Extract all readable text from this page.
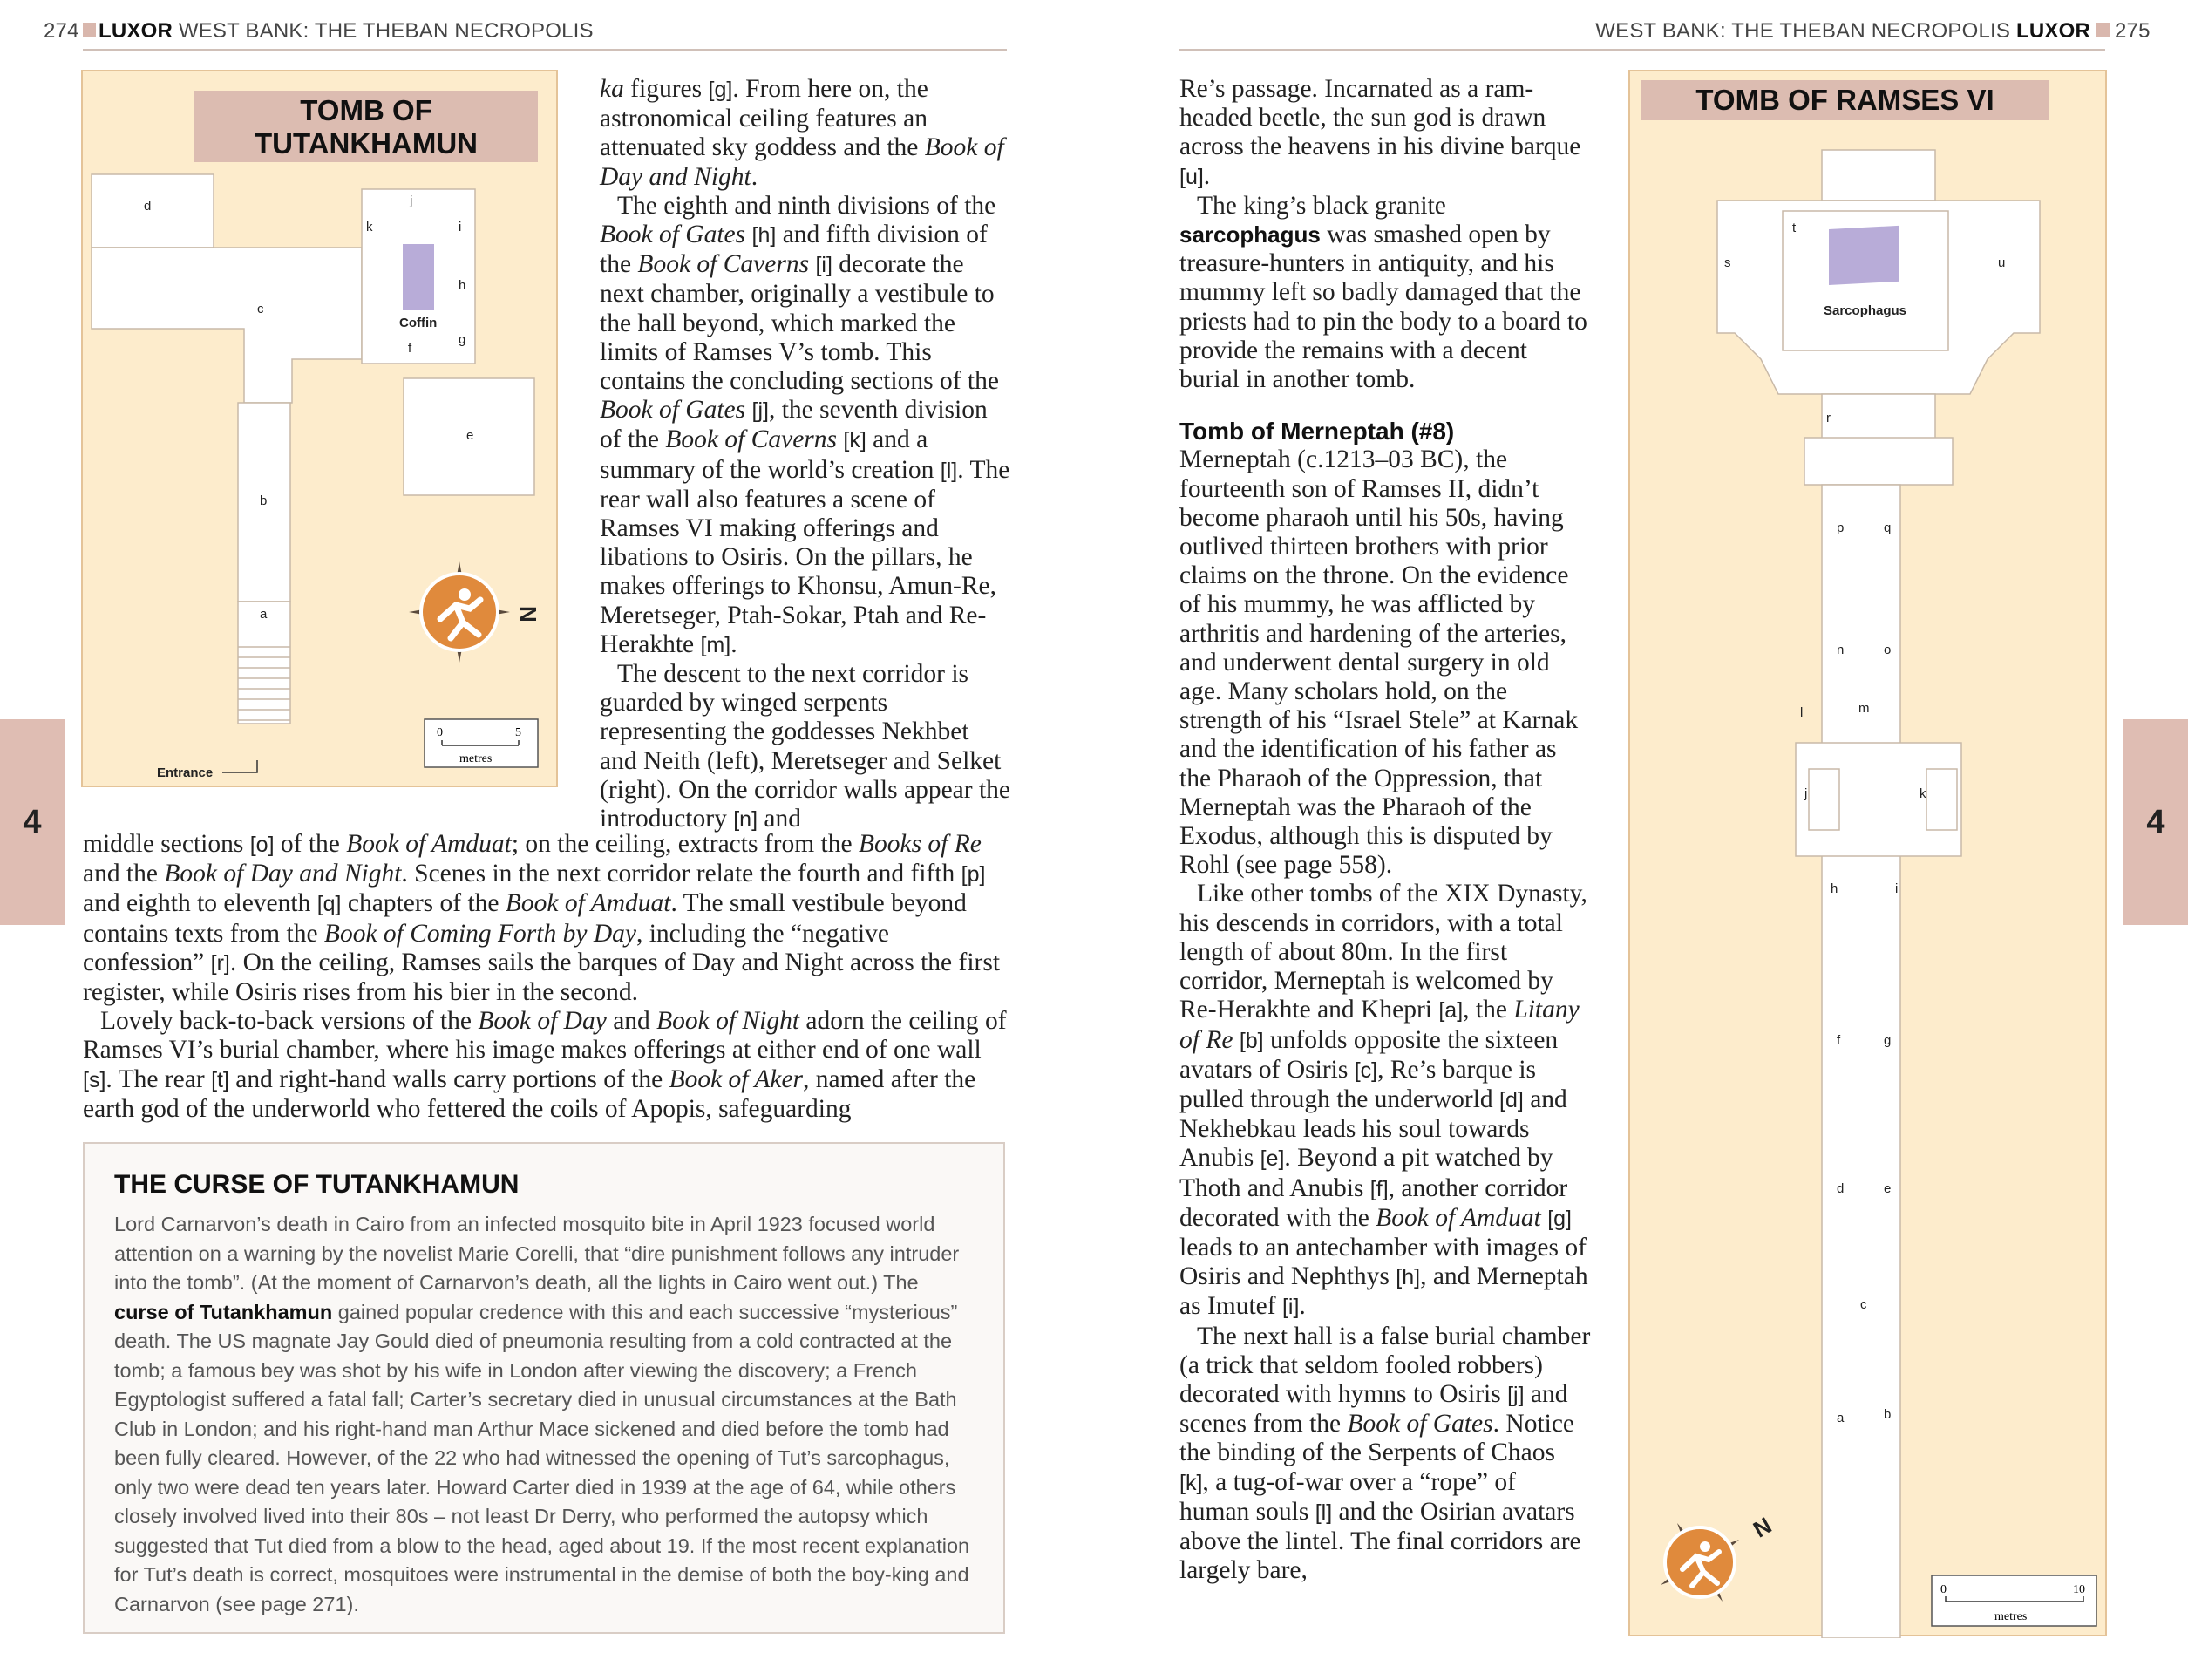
274 LUXOR WEST BANK: THE THEBAN NECROPOLIS	WEST BANK: THE THEBAN NECROPOLIS LUXOR 275
4	4
TOMB OF
TUTANKHAMUN
d
c
b
a
j
k	i
h
g
f
e
Coffin
Entrance
N
0	5
metres

ka figures [g]. From here on, the astronomical ceiling features an attenuated sky goddess and the Book of Day and Night.

The eighth and ninth divisions of the Book of Gates [h] and fifth division of the Book of Caverns [i] decorate the next chamber, originally a vestibule to the hall beyond, which marked the limits of Ramses V’s tomb. This contains the concluding sections of the Book of Gates [j], the seventh division of the Book of Caverns [k] and a summary of the world’s creation [l]. The rear wall also features a scene of Ramses VI making offerings and libations to Osiris. On the pillars, he makes offerings to Khonsu, Amun-Re, Meretseger, Ptah-Sokar, Ptah and Re-Herakhte [m].

The descent to the next corridor is guarded by winged serpents representing the goddesses Nekhbet and Neith (left), Meretseger and Selket (right). On the corridor walls appear the introductory [n] and

middle sections [o] of the Book of Amduat; on the ceiling, extracts from the Books of Re and the Book of Day and Night. Scenes in the next corridor relate the fourth and fifth [p] and eighth to eleventh [q] chapters of the Book of Amduat. The small vestibule beyond contains texts from the Book of Coming Forth by Day, including the “negative confession” [r]. On the ceiling, Ramses sails the barques of Day and Night across the first register, while Osiris rises from his bier in the second.

Lovely back-to-back versions of the Book of Day and Book of Night adorn the ceiling of Ramses VI’s burial chamber, where his image makes offerings at either end of one wall [s]. The rear [t] and right-hand walls carry portions of the Book of Aker, named after the earth god of the underworld who fettered the coils of Apopis, safeguarding

THE CURSE OF TUTANKHAMUN
Lord Carnarvon’s death in Cairo from an infected mosquito bite in April 1923 focused world attention on a warning by the novelist Marie Corelli, that “dire punishment follows any intruder into the tomb”. (At the moment of Carnarvon’s death, all the lights in Cairo went out.) The curse of Tutankhamun gained popular credence with this and each successive “mysterious” death. The US magnate Jay Gould died of pneumonia resulting from a cold contracted at the tomb; a famous bey was shot by his wife in London after viewing the discovery; a French Egyptologist suffered a fatal fall; Carter’s secretary died in unusual circumstances at the Bath Club in London; and his right-hand man Arthur Mace sickened and died before the tomb had been fully cleared. However, of the 22 who had witnessed the opening of Tut’s sarcophagus, only two were dead ten years later. Howard Carter died in 1939 at the age of 64, while others closely involved lived into their 80s – not least Dr Derry, who performed the autopsy which suggested that Tut died from a blow to the head, aged about 19. If the most recent explanation for Tut’s death is correct, mosquitoes were instrumental in the demise of both the boy-king and Carnarvon (see page 271).

Re’s passage. Incarnated as a ram-headed beetle, the sun god is drawn across the heavens in his divine barque [u].

The king’s black granite sarcophagus was smashed open by treasure-hunters in antiquity, and his mummy left so badly damaged that the priests had to pin the body to a board to provide the remains with a decent burial in another tomb.

Tomb of Merneptah (#8)

Merneptah (c.1213–03 BC), the fourteenth son of Ramses II, didn’t become pharaoh until his 50s, having outlived thirteen brothers with prior claims on the throne. On the evidence of his mummy, he was afflicted by arthritis and hardening of the arteries, and underwent dental surgery in old age. Many scholars hold, on the strength of his “Israel Stele” at Karnak and the identification of his father as the Pharaoh of the Oppression, that Merneptah was the Pharaoh of the Exodus, although this is disputed by Rohl (see page 558).

Like other tombs of the XIX Dynasty, his descends in corridors, with a total length of about 80m. In the first corridor, Merneptah is welcomed by Re-Herakhte and Khepri [a], the Litany of Re [b] unfolds opposite the sixteen avatars of Osiris [c], Re’s barque is pulled through the underworld [d] and Nekhebkau leads his soul towards Anubis [e]. Beyond a pit watched by Thoth and Anubis [f], another corridor decorated with the Book of Amduat [g] leads to an antechamber with images of Osiris and Nephthys [h], and Merneptah as Imutef [i].

The next hall is a false burial chamber (a trick that seldom fooled robbers) decorated with hymns to Osiris [j] and scenes from the Book of Gates. Notice the binding of the Serpents of Chaos [k], a tug-of-war over a “rope” of human souls [l] and the Osirian avatars above the lintel. The final corridors are largely bare,

TOMB OF RAMSES VI
Sarcophagus
s
t
u
r
p	q
n	o
l	m
j	k
h	i
f	g
d	e
c
a	b
N
0	10
metres
